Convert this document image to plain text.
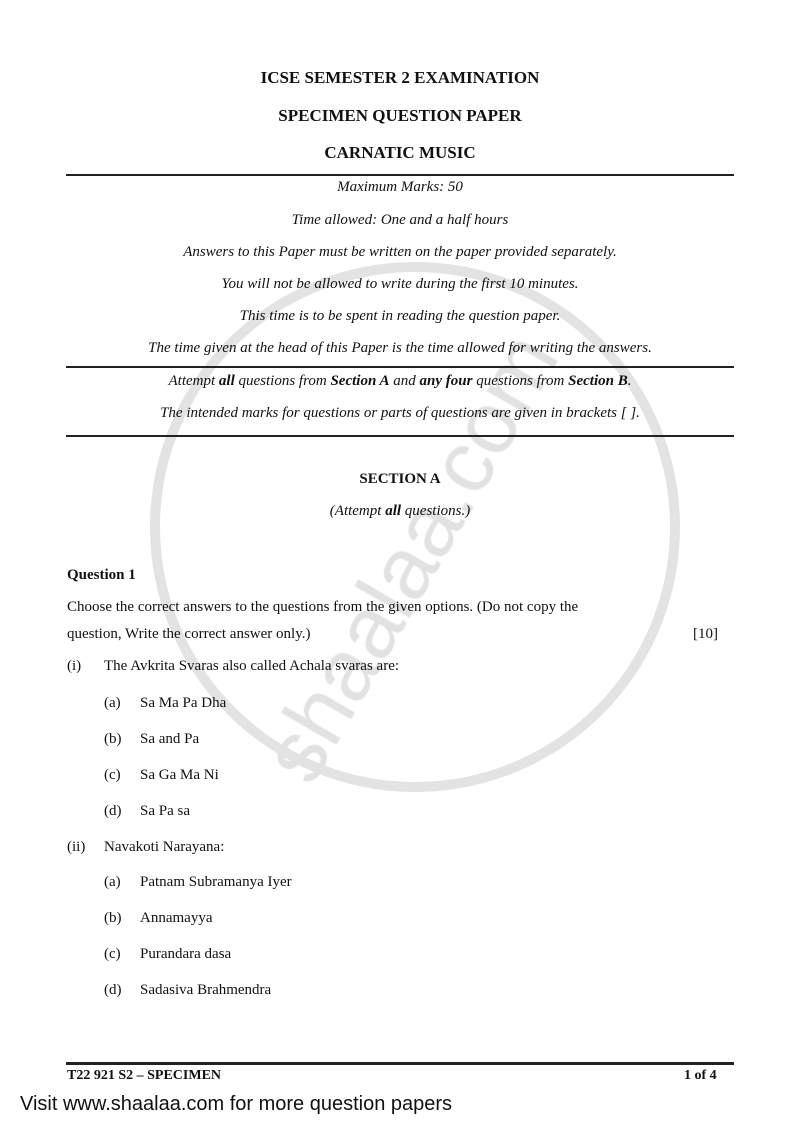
ICSE SEMESTER 2 EXAMINATION
SPECIMEN QUESTION PAPER
CARNATIC MUSIC
Maximum Marks: 50
Time allowed: One and a half hours
Answers to this Paper must be written on the paper provided separately.
You will not be allowed to write during the first 10 minutes.
This time is to be spent in reading the question paper.
The time given at the head of this Paper is the time allowed for writing the answers.
Attempt all questions from Section A and any four questions from Section B.
The intended marks for questions or parts of questions are given in brackets [ ].
SECTION A
(Attempt all questions.)
Question 1
Choose the correct answers to the questions from the given options. (Do not copy the
question, Write the correct answer only.)	[10]
(i) The Avkrita Svaras also called Achala svaras are:
(a) Sa Ma Pa Dha
(b) Sa and Pa
(c) Sa Ga Ma Ni
(d) Sa Pa sa
(ii) Navakoti Narayana:
(a) Patnam Subramanya Iyer
(b) Annamayya
(c) Purandara dasa
(d) Sadasiva Brahmendra
T22 921 S2 – SPECIMEN	1 of 4
Visit www.shaalaa.com for more question papers
